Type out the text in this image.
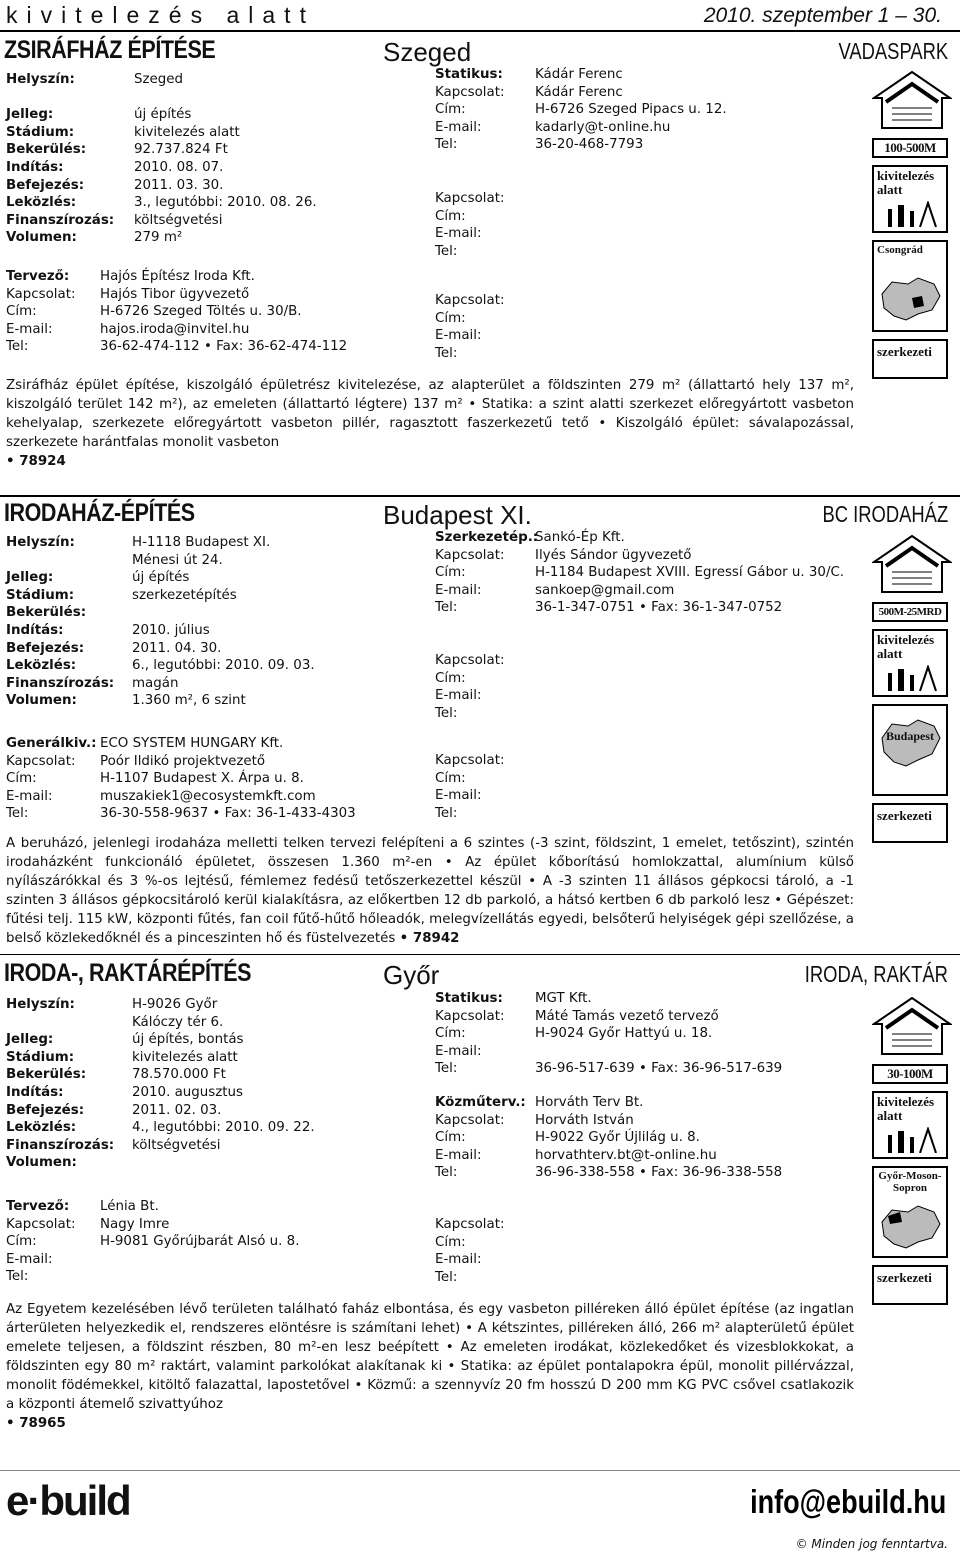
kivitelezés alatt	2010. szeptember 1 – 30.
ZSIRÁFHÁZ ÉPÍTÉSE	Szeged	VADASPARK
Helyszín:	Szeged
Jelleg:	új építés
Stádium:	kivitelezés alatt
Bekerülés:	92.737.824 Ft
Indítás:	2010. 08. 07.
Befejezés:	2011. 03. 30.
Leközlés:	3., legutóbbi: 2010. 08. 26.
Finanszírozás:	költségvetési
Volumen:	279 m²
Tervező:	Hajós Építész Iroda Kft.
Kapcsolat:	Hajós Tibor ügyvezető
Cím:	H-6726 Szeged Töltés u. 30/B.
E-mail:	hajos.iroda@invitel.hu
Tel:	36-62-474-112 • Fax: 36-62-474-112
Statikus:	Kádár Ferenc
Kapcsolat:	Kádár Ferenc
Cím:	H-6726 Szeged Pipacs u. 12.
E-mail:	kadarly@t-online.hu
Tel:	36-20-468-7793
Kapcsolat:
Cím:
E-mail:
Tel:
Kapcsolat:
Cím:
E-mail:
Tel:

Zsiráfház épület építése, kiszolgáló épületrész kivitelezése, az alapterület a földszinten 279 m² (állattartó hely 137 m², kiszolgáló terület 142 m²), az emeleten (állattartó légtere) 137 m² • Statika: a szint alatti szerkezet előregyártott vasbeton kehelyalap, szerkezete előregyártott vasbeton pillér, ragasztott faszerkezetű tető • Kiszolgáló épület: sávalapozással, szerkezete harántfalas monolit vasbeton
• 78924

100-500M
kivitelezés alatt
Csongrád
szerkezeti
IRODAHÁZ-ÉPÍTÉS	Budapest XI.	BC IRODAHÁZ
Helyszín:	H-1118 Budapest XI.
Ménesi út 24.
Jelleg:	új építés
Stádium:	szerkezetépítés
Bekerülés:
Indítás:	2010. július
Befejezés:	2011. 04. 30.
Leközlés:	6., legutóbbi: 2010. 09. 03.
Finanszírozás:	magán
Volumen:	1.360 m², 6 szint
Generálkiv.: ECO SYSTEM HUNGARY Kft.
Kapcsolat:	Poór Ildikó projektvezető
Cím:	H-1107 Budapest X. Árpa u. 8.
E-mail:	muszakiek1@ecosystemkft.com
Tel:	36-30-558-9637 • Fax: 36-1-433-4303
Szerkezetép.:
Sankó-Ép Kft.
Kapcsolat:	Ilyés Sándor ügyvezető
Cím:	H-1184 Budapest XVIII. Egressí Gábor u. 30/C.
E-mail:	sankoep@gmail.com
Tel:	36-1-347-0751 • Fax: 36-1-347-0752
Kapcsolat:
Cím:
E-mail:
Tel:
Kapcsolat:
Cím:
E-mail:
Tel:

A beruházó, jelenlegi irodaháza melletti telken tervezi felépíteni a 6 szintes (-3 szint, földszint, 1 emelet, tetőszint), szintén irodaházként funkcionáló épületet, összesen 1.360 m²-en • Az épület kőborítású homlokzattal, alumínium külső nyílászárókkal és 3 %-os lejtésű, fémlemez fedésű tetőszerkezettel készül • A -3 szinten 11 állásos gépkocsi tároló, a -1 szinten 3 állásos gépkocsitároló kerül kialakításra, az előkertben 12 db parkoló, a hátsó kertben 6 db parkoló lesz • Gépészet: fűtési telj. 115 kW, központi fűtés, fan coil fűtő-hűtő hőleadók, melegvízellátás egyedi, belsőterű helyiségek gépi szellőzése, a belső közlekedőknél és a pinceszinten hő és füstelvezetés • 78942

500M-25MRD
kivitelezés alatt
Budapest
szerkezeti
IRODA-, RAKTÁRÉPÍTÉS	Győr	IRODA, RAKTÁR
Helyszín:	H-9026 Győr
Kálóczy tér 6.
Jelleg:	új építés, bontás
Stádium:	kivitelezés alatt
Bekerülés:	78.570.000 Ft
Indítás:	2010. augusztus
Befejezés:	2011. 02. 03.
Leközlés:	4., legutóbbi: 2010. 09. 22.
Finanszírozás:	költségvetési
Volumen:
Tervező:	Lénia Bt.
Kapcsolat:	Nagy Imre
Cím:	H-9081 Győrújbarát Alsó u. 8.
E-mail:
Tel:
Statikus:	MGT Kft.
Kapcsolat:	Máté Tamás vezető tervező
Cím:	H-9024 Győr Hattyú u. 18.
E-mail:
Tel:	36-96-517-639 • Fax: 36-96-517-639
Közműterv.: Horváth Terv Bt.
Kapcsolat:	Horváth István
Cím:	H-9022 Győr Újlilág u. 8.
E-mail:	horvathterv.bt@t-online.hu
Tel:	36-96-338-558 • Fax: 36-96-338-558
Kapcsolat:
Cím:
E-mail:
Tel:

Az Egyetem kezelésében lévő területen található faház elbontása, és egy vasbeton pilléreken álló épület építése (az ingatlan árterületen helyezkedik el, rendszeres elöntésre is számítani lehet) • A kétszintes, pilléreken álló, 266 m² alapterületű épület emelete teljesen, a földszint részben, 80 m²-en lesz beépített • Az emeleten irodákat, közlekedőket és vizesblokkokat, a földszinten egy 80 m² raktárt, valamint parkolókat alakítanak ki • Statika: az épület pontalapokra épül, monolit pillérvázzal, monolit födémekkel, kitöltő falazattal, lapostetővel • Közmű: a szennyvíz 20 fm hosszú D 200 mm KG PVC csővel csatlakozik a központi átemelő szivattyúhoz
• 78965

30-100M
kivitelezés alatt
Győr-Moson-Sopron
szerkezeti
e·build	info@ebuild.hu
© Minden jog fenntartva.
